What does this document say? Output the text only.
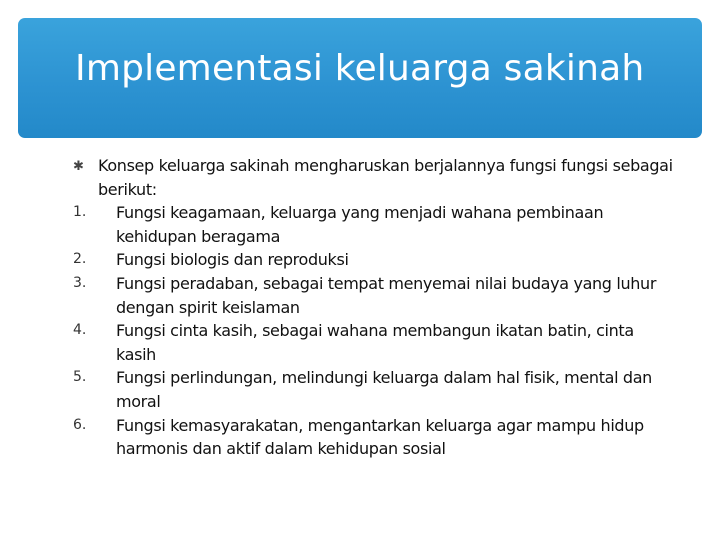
Implementasi keluarga sakinah
✱ Konsep keluarga sakinah mengharuskan berjalannya fungsi fungsi sebagai berikut:
1.	Fungsi keagamaan, keluarga yang menjadi wahana pembinaan kehidupan beragama
2.	Fungsi biologis dan reproduksi
3.	Fungsi peradaban, sebagai tempat menyemai nilai budaya yang luhur dengan spirit keislaman
4.	Fungsi cinta kasih, sebagai wahana membangun ikatan batin, cinta kasih
5.	Fungsi perlindungan, melindungi keluarga dalam hal fisik, mental dan moral
6.	Fungsi kemasyarakatan, mengantarkan keluarga agar mampu hidup harmonis dan aktif dalam kehidupan sosial
